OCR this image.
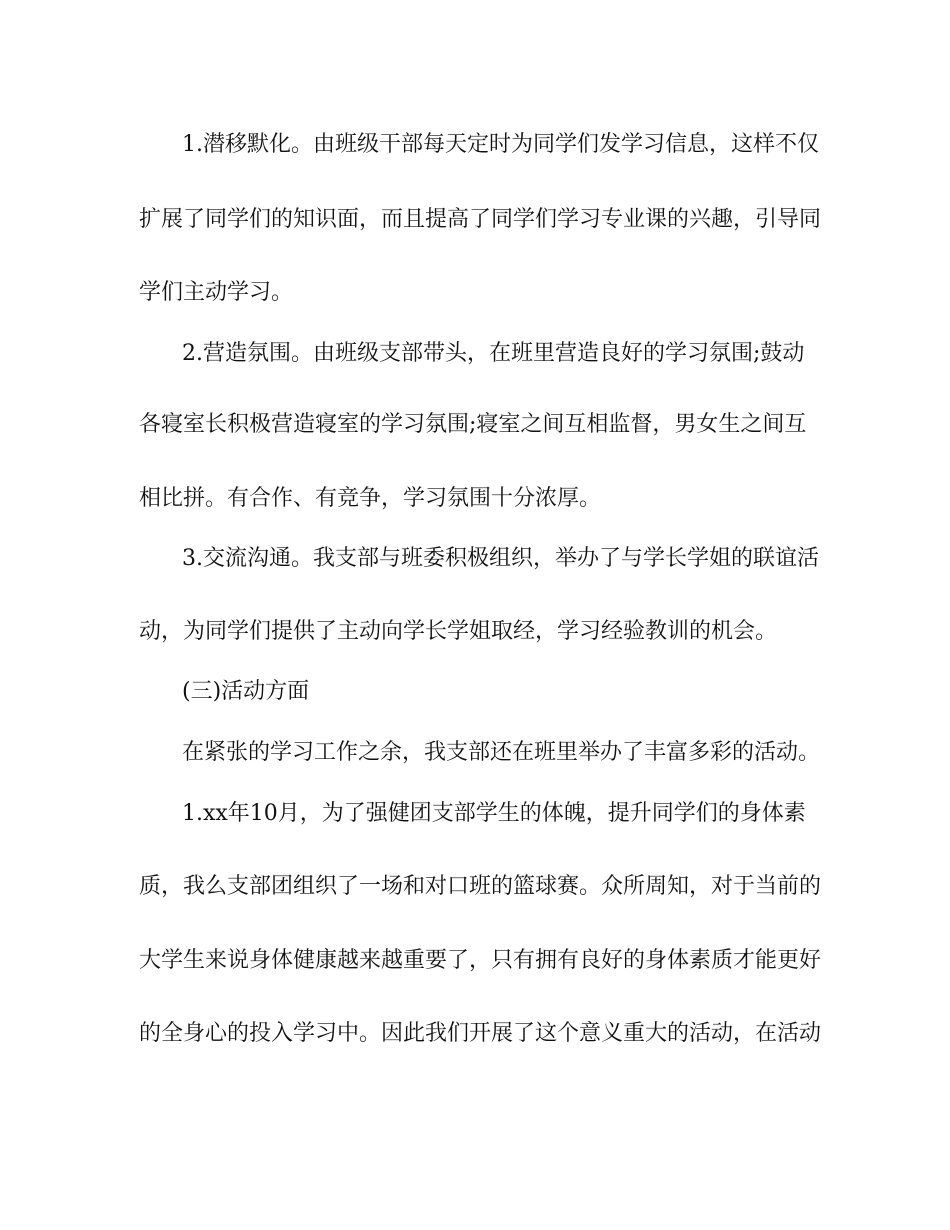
1.潜移默化。由班级干部每天定时为同学们发学习信息，这样不仅

扩展了同学们的知识面，而且提高了同学们学习专业课的兴趣，引导同

学们主动学习。

2.营造氛围。由班级支部带头，在班里营造良好的学习氛围;鼓动

各寝室长积极营造寝室的学习氛围;寝室之间互相监督，男女生之间互

相比拼。有合作、有竞争，学习氛围十分浓厚。

3.交流沟通。我支部与班委积极组织，举办了与学长学姐的联谊活

动，为同学们提供了主动向学长学姐取经，学习经验教训的机会。

(三)活动方面

在紧张的学习工作之余，我支部还在班里举办了丰富多彩的活动。

1.xx年10月，为了强健团支部学生的体魄，提升同学们的身体素

质，我么支部团组织了一场和对口班的篮球赛。众所周知，对于当前的

大学生来说身体健康越来越重要了，只有拥有良好的身体素质才能更好

的全身心的投入学习中。因此我们开展了这个意义重大的活动，在活动
